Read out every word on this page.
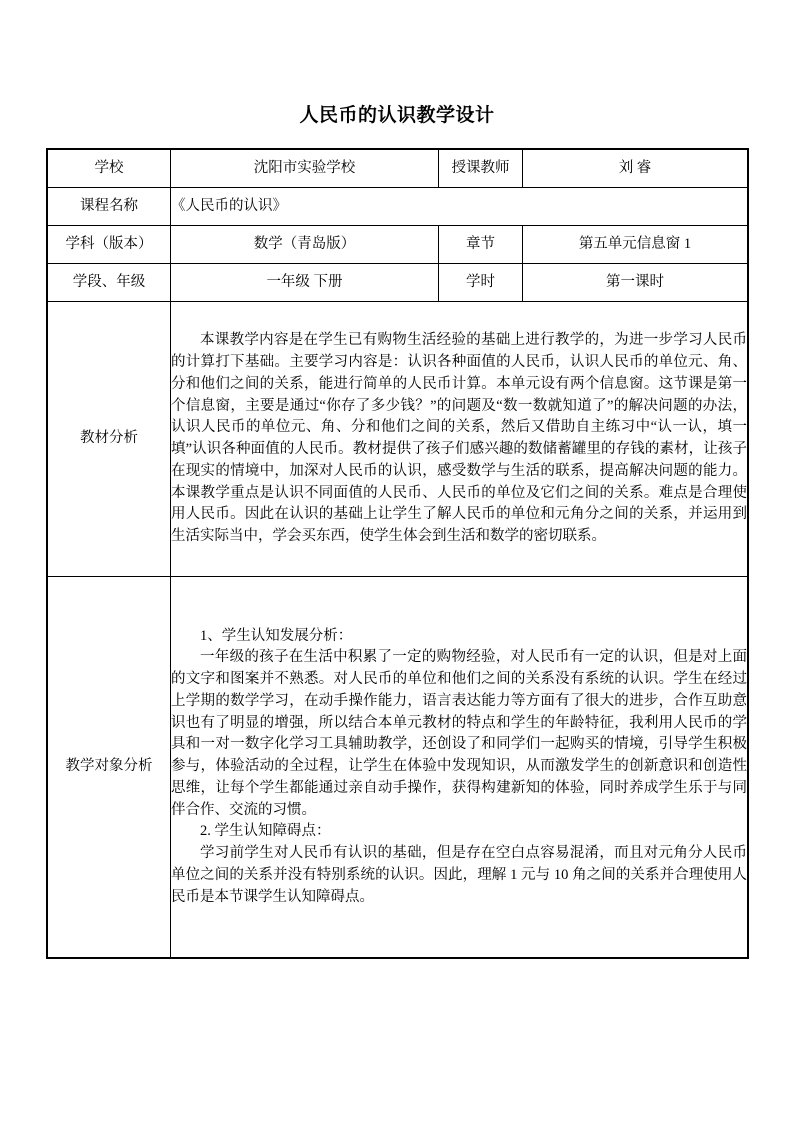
人民币的认识教学设计
学校	沈阳市实验学校	授课教师	刘 睿
课程名称	《人民币的认识》		
学科（版本）	数学（青岛版）	章节	第五单元信息窗 1
学段、年级	一年级 下册	学时	第一课时
教材分析	本课教学内容是在学生已有购物生活经验的基础上进行教学的，为进一步学习人民币的计算打下基础。主要学习内容是：认识各种面值的人民币，认识人民币的单位元、角、分和他们之间的关系，能进行简单的人民币计算。本单元设有两个信息窗。这节课是第一个信息窗，主要是通过“你存了多少钱？”的问题及“数一数就知道了”的解决问题的办法，认识人民币的单位元、角、分和他们之间的关系，然后又借助自主练习中“认一认，填一填”认识各种面值的人民币。教材提供了孩子们感兴趣的数储蓄罐里的存钱的素材，让孩子在现实的情境中，加深对人民币的认识，感受数学与生活的联系，提高解决问题的能力。本课教学重点是认识不同面值的人民币、人民币的单位及它们之间的关系。难点是合理使用人民币。因此在认识的基础上让学生了解人民币的单位和元角分之间的关系，并运用到生活实际当中，学会买东西，使学生体会到生活和数学的密切联系。		

教学对象分析	1、学生认知发展分析：

一年级的孩子在生活中积累了一定的购物经验，对人民币有一定的认识，但是对上面的文字和图案并不熟悉。对人民币的单位和他们之间的关系没有系统的认识。学生在经过上学期的数学学习，在动手操作能力，语言表达能力等方面有了很大的进步，合作互助意识也有了明显的增强，所以结合本单元教材的特点和学生的年龄特征，我利用人民币的学具和一对一数字化学习工具辅助教学，还创设了和同学们一起购买的情境，引导学生积极参与，体验活动的全过程，让学生在体验中发现知识，从而激发学生的创新意识和创造性思维，让每个学生都能通过亲自动手操作，获得构建新知的体验，同时养成学生乐于与同伴合作、交流的习惯。

2. 学生认知障碍点：

学习前学生对人民币有认识的基础，但是存在空白点容易混淆，而且对元角分人民币单位之间的关系并没有特别系统的认识。因此，理解 1 元与 10 角之间的关系并合理使用人民币是本节课学生认知障碍点。		
